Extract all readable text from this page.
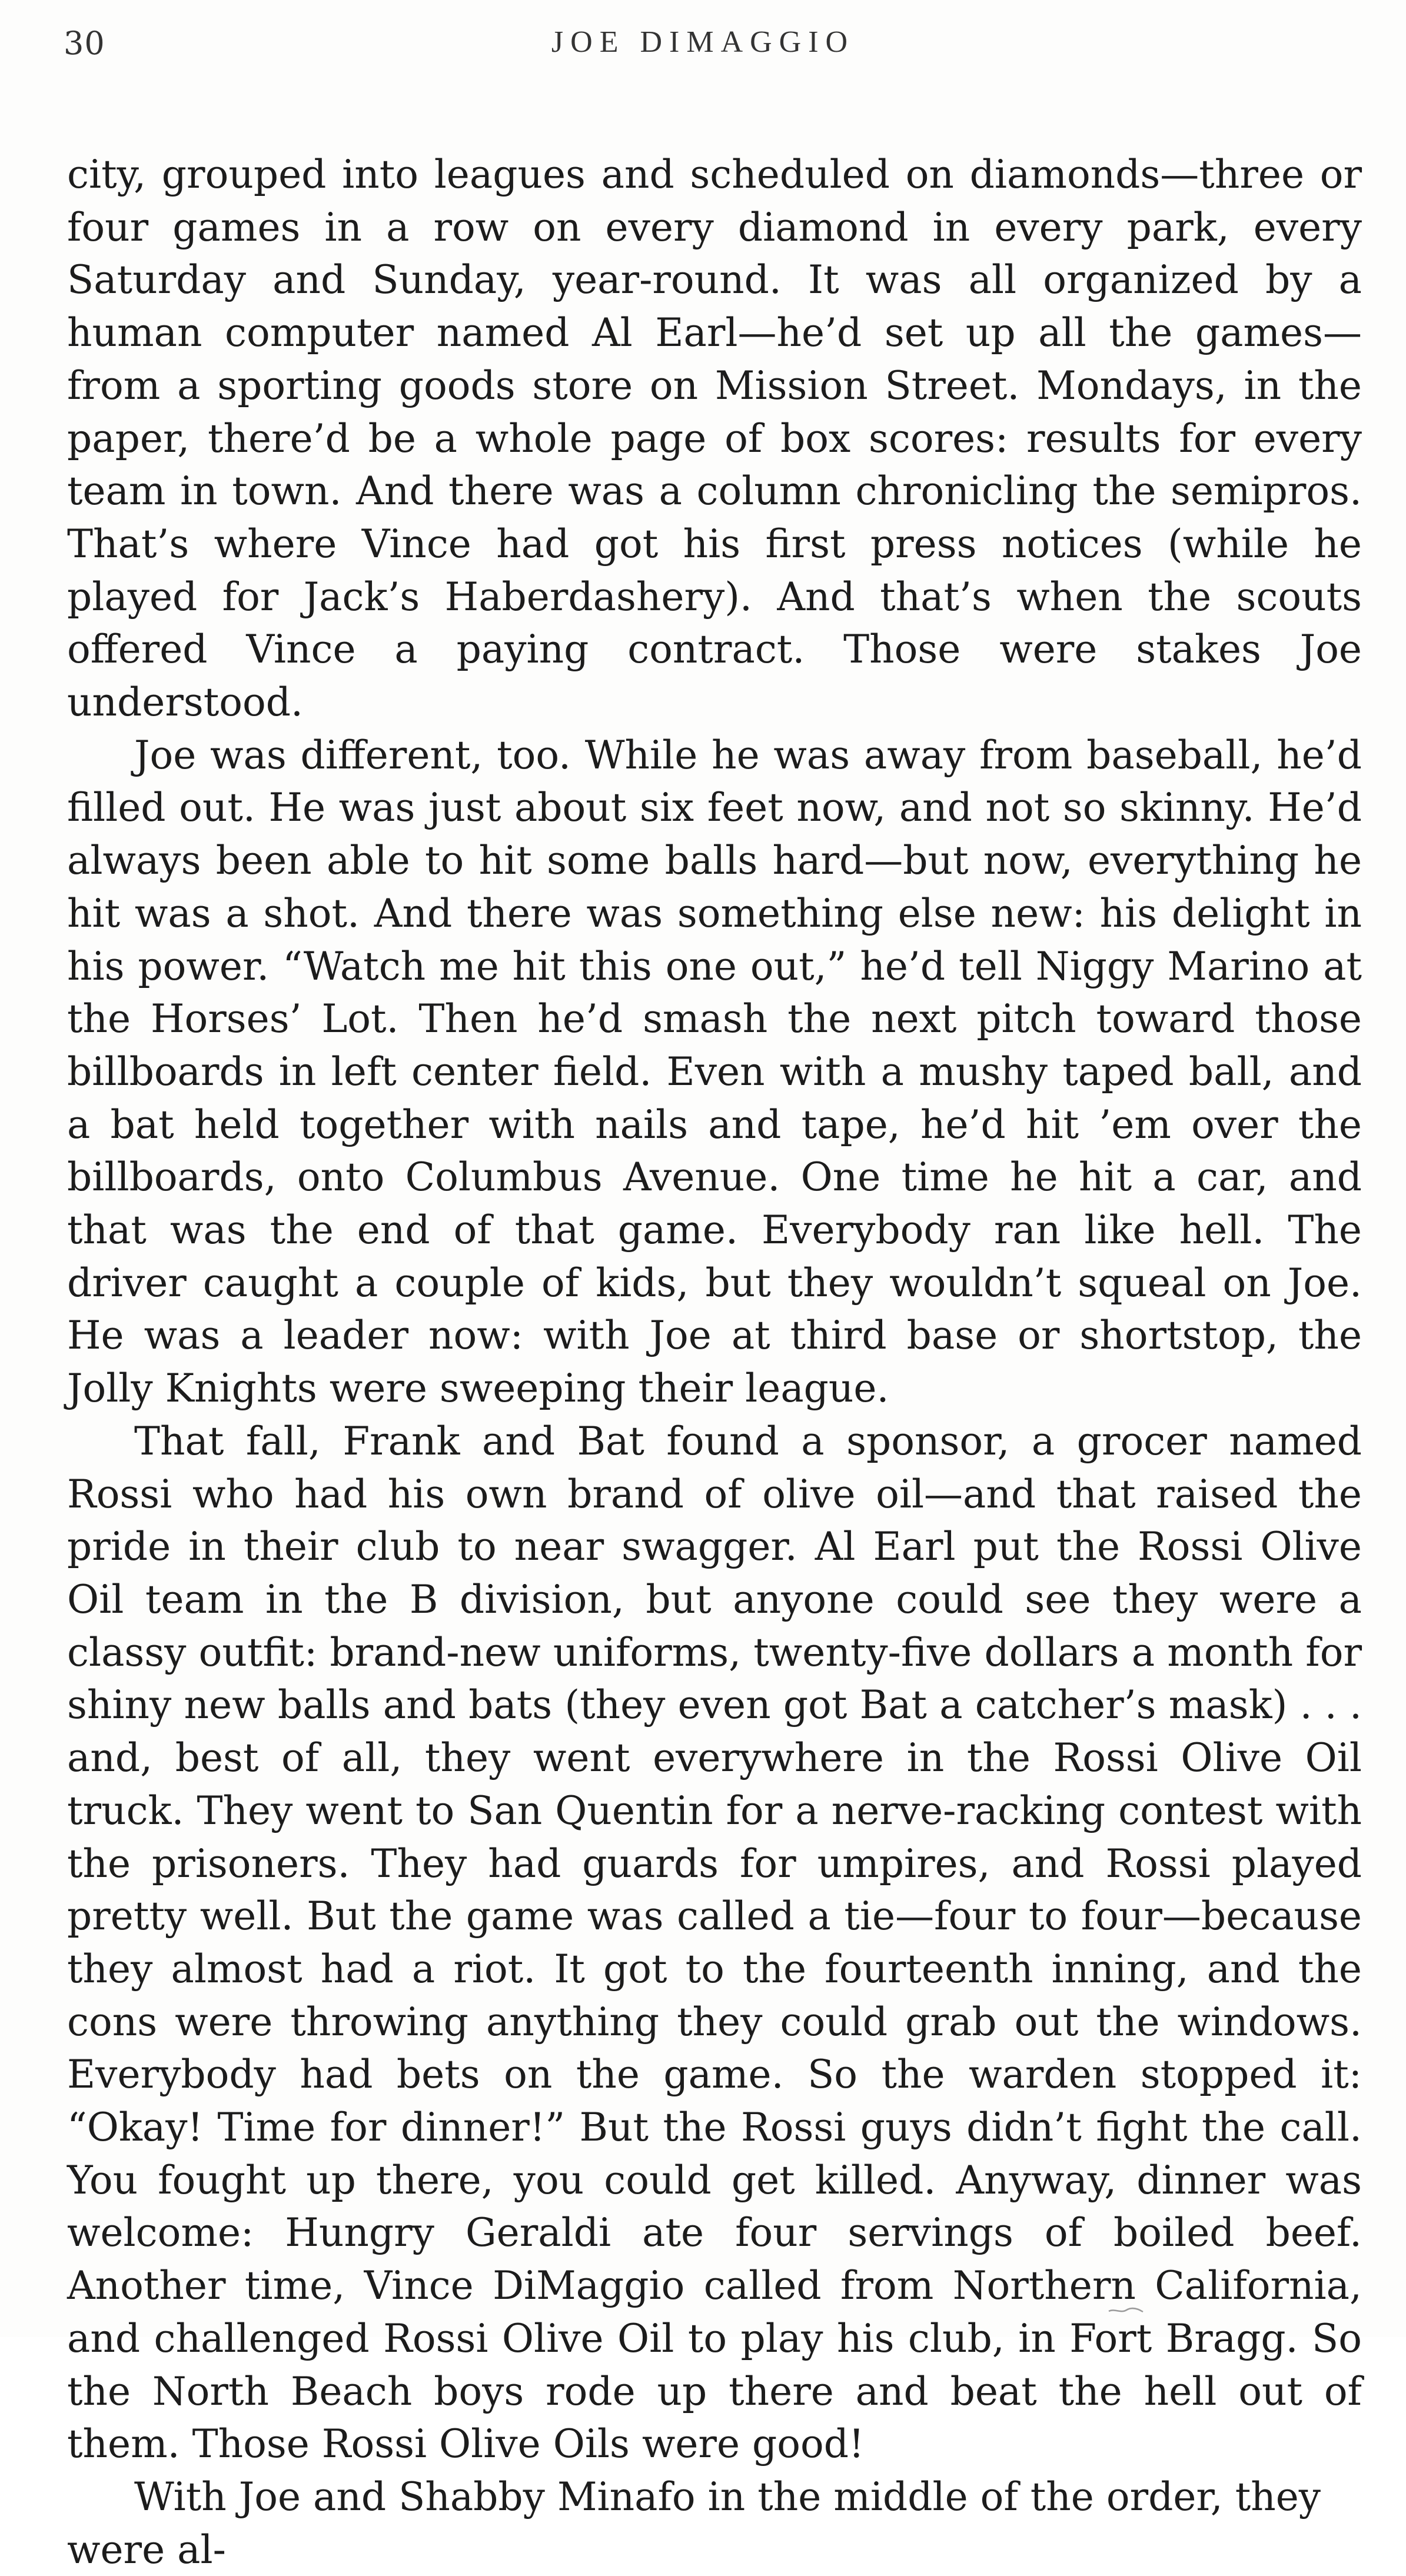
30	JOE DIMAGGIO

city, grouped into leagues and scheduled on diamonds—three or four games in a row on every diamond in every park, every Saturday and Sunday, year-round. It was all organized by a human computer named Al Earl—he’d set up all the games—from a sporting goods store on Mission Street. Mondays, in the paper, there’d be a whole page of box scores: results for every team in town. And there was a column chronicling the semipros. That’s where Vince had got his first press notices (while he played for Jack’s Haberdashery). And that’s when the scouts offered Vince a paying contract. Those were stakes Joe understood.

Joe was different, too. While he was away from baseball, he’d filled out. He was just about six feet now, and not so skinny. He’d always been able to hit some balls hard—but now, everything he hit was a shot. And there was something else new: his delight in his power. “Watch me hit this one out,” he’d tell Niggy Marino at the Horses’ Lot. Then he’d smash the next pitch toward those billboards in left center field. Even with a mushy taped ball, and a bat held together with nails and tape, he’d hit ’em over the billboards, onto Columbus Avenue. One time he hit a car, and that was the end of that game. Everybody ran like hell. The driver caught a couple of kids, but they wouldn’t squeal on Joe. He was a leader now: with Joe at third base or shortstop, the Jolly Knights were sweeping their league.

That fall, Frank and Bat found a sponsor, a grocer named Rossi who had his own brand of olive oil—and that raised the pride in their club to near swagger. Al Earl put the Rossi Olive Oil team in the B division, but anyone could see they were a classy outfit: brand-new uniforms, twenty-five dollars a month for shiny new balls and bats (they even got Bat a catcher’s mask) . . . and, best of all, they went everywhere in the Rossi Olive Oil truck. They went to San Quentin for a nerve-racking contest with the prisoners. They had guards for umpires, and Rossi played pretty well. But the game was called a tie—four to four—because they almost had a riot. It got to the fourteenth inning, and the cons were throwing anything they could grab out the windows. Everybody had bets on the game. So the warden stopped it: “Okay! Time for dinner!” But the Rossi guys didn’t fight the call. You fought up there, you could get killed. Anyway, dinner was welcome: Hungry Geraldi ate four servings of boiled beef. Another time, Vince DiMaggio called from Northern California, and challenged Rossi Olive Oil to play his club, in Fort Bragg. So the North Beach boys rode up there and beat the hell out of them. Those Rossi Olive Oils were good!

With Joe and Shabby Minafo in the middle of the order, they were al-
